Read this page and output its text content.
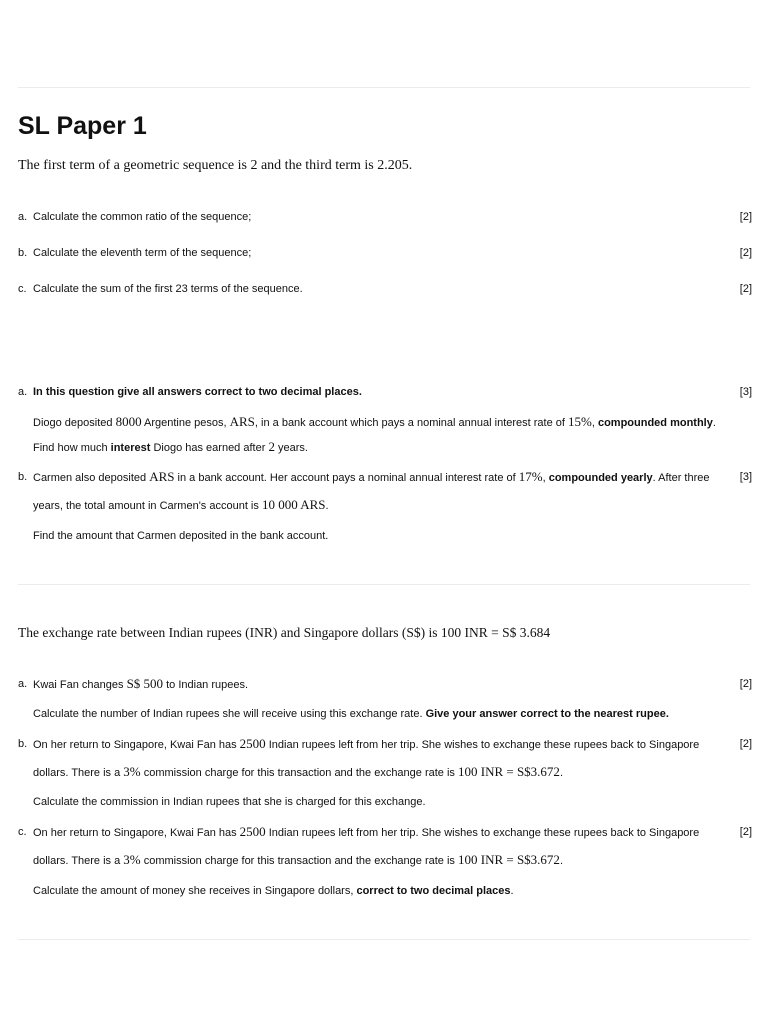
SL Paper 1
The first term of a geometric sequence is 2 and the third term is 2.205.
a. Calculate the common ratio of the sequence;	[2]
b. Calculate the eleventh term of the sequence;	[2]
c. Calculate the sum of the first 23 terms of the sequence.	[2]
a. In this question give all answers correct to two decimal places.	[3]
Diogo deposited 8000 Argentine pesos, ARS, in a bank account which pays a nominal annual interest rate of 15%, compounded monthly.
Find how much interest Diogo has earned after 2 years.
b. Carmen also deposited ARS in a bank account. Her account pays a nominal annual interest rate of 17%, compounded yearly. After three	[3]
years, the total amount in Carmen's account is 10 000 ARS.
Find the amount that Carmen deposited in the bank account.
The exchange rate between Indian rupees (INR) and Singapore dollars (S$) is 100 INR = S$ 3.684
a. Kwai Fan changes S$ 500 to Indian rupees.	[2]
Calculate the number of Indian rupees she will receive using this exchange rate. Give your answer correct to the nearest rupee.
b. On her return to Singapore, Kwai Fan has 2500 Indian rupees left from her trip. She wishes to exchange these rupees back to Singapore	[2]
dollars. There is a 3% commission charge for this transaction and the exchange rate is 100 INR = S$3.672.
Calculate the commission in Indian rupees that she is charged for this exchange.
c. On her return to Singapore, Kwai Fan has 2500 Indian rupees left from her trip. She wishes to exchange these rupees back to Singapore	[2]
dollars. There is a 3% commission charge for this transaction and the exchange rate is 100 INR = S$3.672.
Calculate the amount of money she receives in Singapore dollars, correct to two decimal places.
